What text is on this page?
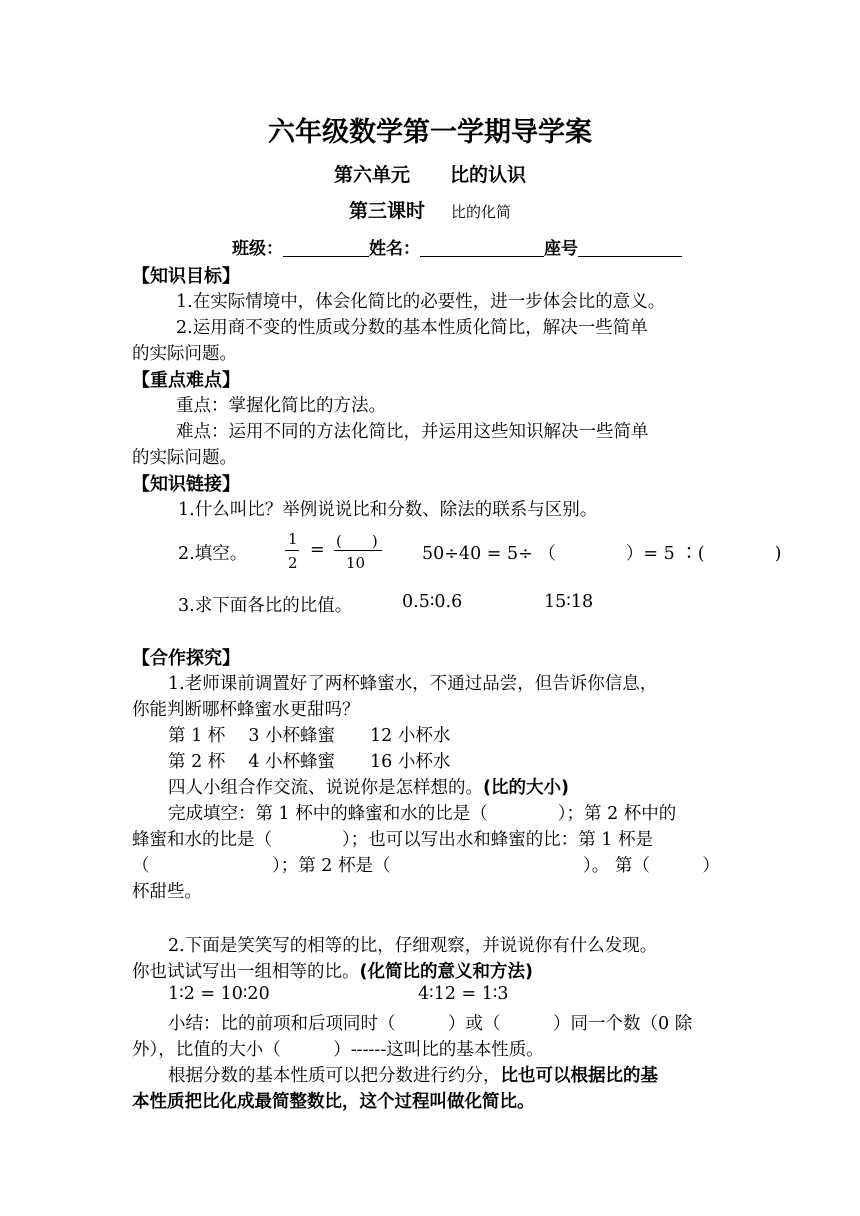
六年级数学第一学期导学案
第六单元 比的认识
第三课时 比的化简
班级：	姓名：	座号
【知识目标】
1.在实际情境中，体会化简比的必要性，进一步体会比的意义。
2.运用商不变的性质或分数的基本性质化简比，解决一些简单
的实际问题。
【重点难点】
重点：掌握化简比的方法。
难点：运用不同的方法化简比，并运用这些知识解决一些简单
的实际问题。
【知识链接】
1.什么叫比？举例说说比和分数、除法的联系与区别。
2.填空。
1
2
= (　　)
10	50÷40 = 5÷ （　　　　）= 5 ∶(　　　　)
3.求下面各比的比值。	0.5∶0.6	15∶18
【合作探究】
1.老师课前调置好了两杯蜂蜜水，不通过品尝，但告诉你信息，
你能判断哪杯蜂蜜水更甜吗？
第 1 杯　 3 小杯蜂蜜　　12 小杯水
第 2 杯　 4 小杯蜂蜜　　16 小杯水
四人小组合作交流、说说你是怎样想的。(比的大小)
完成填空：第 1 杯中的蜂蜜和水的比是（　　　　）；第 2 杯中的
蜂蜜和水的比是（　　　　）；也可以写出水和蜂蜜的比：第 1 杯是
（　　　　　　　）；第 2 杯是（　　　　　　　　　　　）。 第（　　　）
杯甜些。
2.下面是笑笑写的相等的比，仔细观察，并说说你有什么发现。
你也试试写出一组相等的比。(化简比的意义和方法)
1∶2 = 10∶20	4∶12 = 1∶3
小结：比的前项和后项同时（　　　）或（　　　）同一个数（0 除
外），比值的大小（　　　）------这叫比的基本性质。
根据分数的基本性质可以把分数进行约分，比也可以根据比的基
本性质把比化成最简整数比，这个过程叫做化简比。
